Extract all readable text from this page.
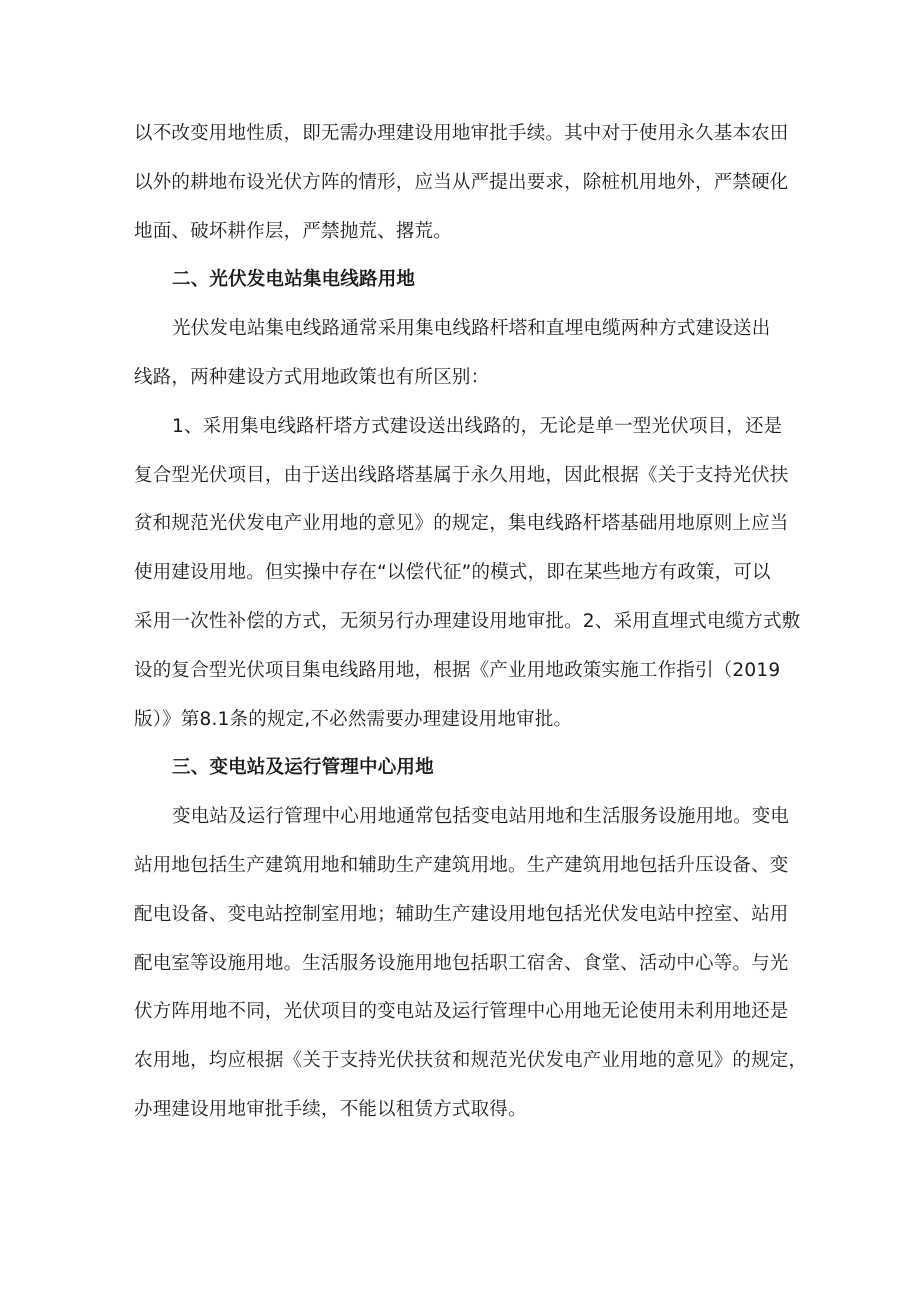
以不改变用地性质，即无需办理建设用地审批手续。其中对于使用永久基本农田
以外的耕地布设光伏方阵的情形，应当从严提出要求，除桩机用地外，严禁硬化
地面、破坏耕作层，严禁抛荒、撂荒。
二、光伏发电站集电线路用地
光伏发电站集电线路通常采用集电线路杆塔和直埋电缆两种方式建设送出
线路，两种建设方式用地政策也有所区别：
1、采用集电线路杆塔方式建设送出线路的，无论是单一型光伏项目，还是
复合型光伏项目，由于送出线路塔基属于永久用地，因此根据《关于支持光伏扶
贫和规范光伏发电产业用地的意见》的规定，集电线路杆塔基础用地原则上应当
使用建设用地。但实操中存在“以偿代征”的模式，即在某些地方有政策，可以
采用一次性补偿的方式，无须另行办理建设用地审批。2、采用直埋式电缆方式敷
设的复合型光伏项目集电线路用地，根据《产业用地政策实施工作指引（2019
版）》第8.1条的规定,不必然需要办理建设用地审批。
三、变电站及运行管理中心用地
变电站及运行管理中心用地通常包括变电站用地和生活服务设施用地。变电
站用地包括生产建筑用地和辅助生产建筑用地。生产建筑用地包括升压设备、变
配电设备、变电站控制室用地；辅助生产建设用地包括光伏发电站中控室、站用
配电室等设施用地。生活服务设施用地包括职工宿舍、食堂、活动中心等。与光
伏方阵用地不同，光伏项目的变电站及运行管理中心用地无论使用未利用地还是
农用地，均应根据《关于支持光伏扶贫和规范光伏发电产业用地的意见》的规定，
办理建设用地审批手续，不能以租赁方式取得。
